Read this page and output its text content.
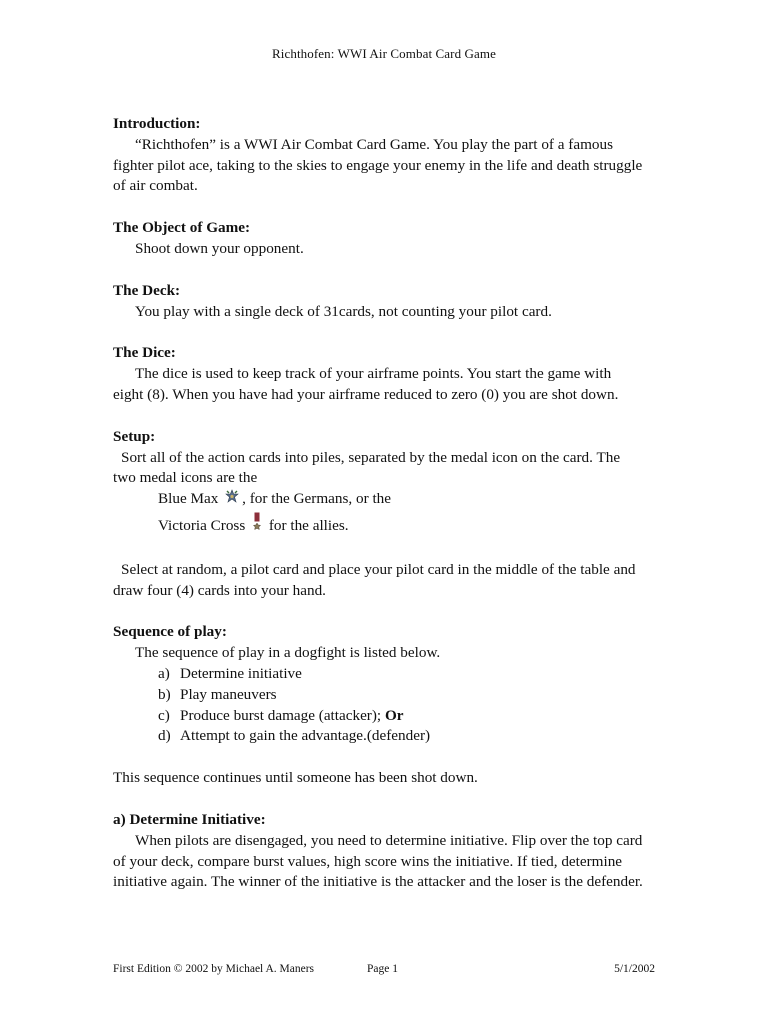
Richthofen: WWI Air Combat Card Game

Introduction:

“Richthofen” is a WWI Air Combat Card Game. You play the part of a famous fighter pilot ace, taking to the skies to engage your enemy in the life and death struggle of air combat.

The Object of Game:

Shoot down your opponent.

The Deck:

You play with a single deck of 31cards, not counting your pilot card.

The Dice:

The dice is used to keep track of your airframe points. You start the game with eight (8). When you have had your airframe reduced to zero (0) you are shot down.

Setup:

Sort all of the action cards into piles, separated by the medal icon on the card. The two medal icons are the

Blue Max , for the Germans, or the

Victoria Cross for the allies.

Select at random, a pilot card and place your pilot card in the middle of the table and draw four (4) cards into your hand.

Sequence of play:

The sequence of play in a dogfight is listed below.

a) Determine initiative
b) Play maneuvers
c) Produce burst damage (attacker); Or
d) Attempt to gain the advantage.(defender)

This sequence continues until someone has been shot down.

a) Determine Initiative:

When pilots are disengaged, you need to determine initiative. Flip over the top card of your deck, compare burst values, high score wins the initiative. If tied, determine initiative again. The winner of the initiative is the attacker and the loser is the defender.

First Edition © 2002 by Michael A. Maners	Page 1	5/1/2002
